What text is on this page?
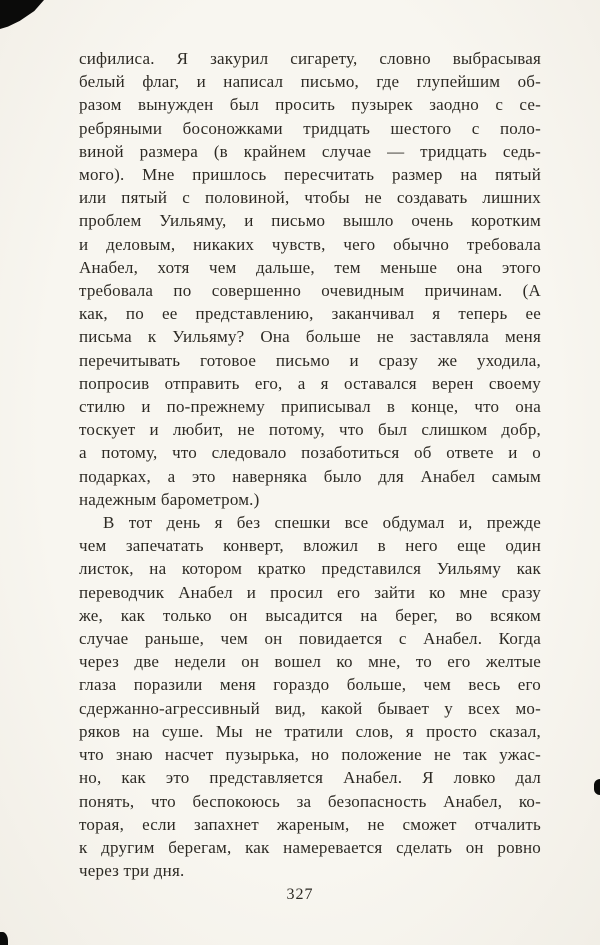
сифилиса. Я закурил сигарету, словно выбрасывая
белый флаг, и написал письмо, где глупейшим об-
разом вынужден был просить пузырек заодно с се-
ребряными босоножками тридцать шестого с поло-
виной размера (в крайнем случае — тридцать седь-
мого). Мне пришлось пересчитать размер на пятый
или пятый с половиной, чтобы не создавать лишних
проблем Уильяму, и письмо вышло очень коротким
и деловым, никаких чувств, чего обычно требовала
Анабел, хотя чем дальше, тем меньше она этого
требовала по совершенно очевидным причинам. (А
как, по ее представлению, заканчивал я теперь ее
письма к Уильяму? Она больше не заставляла меня
перечитывать готовое письмо и сразу же уходила,
попросив отправить его, а я оставался верен своему
стилю и по-прежнему приписывал в конце, что она
тоскует и любит, не потому, что был слишком добр,
а потому, что следовало позаботиться об ответе и о
подарках, а это наверняка было для Анабел самым
надежным барометром.)
В тот день я без спешки все обдумал и, прежде
чем запечатать конверт, вложил в него еще один
листок, на котором кратко представился Уильяму как
переводчик Анабел и просил его зайти ко мне сразу
же, как только он высадится на берег, во всяком
случае раньше, чем он повидается с Анабел. Когда
через две недели он вошел ко мне, то его желтые
глаза поразили меня гораздо больше, чем весь его
сдержанно-агрессивный вид, какой бывает у всех мо-
ряков на суше. Мы не тратили слов, я просто сказал,
что знаю насчет пузырька, но положение не так ужас-
но, как это представляется Анабел. Я ловко дал
понять, что беспокоюсь за безопасность Анабел, ко-
торая, если запахнет жареным, не сможет отчалить
к другим берегам, как намеревается сделать он ровно
через три дня.
327
